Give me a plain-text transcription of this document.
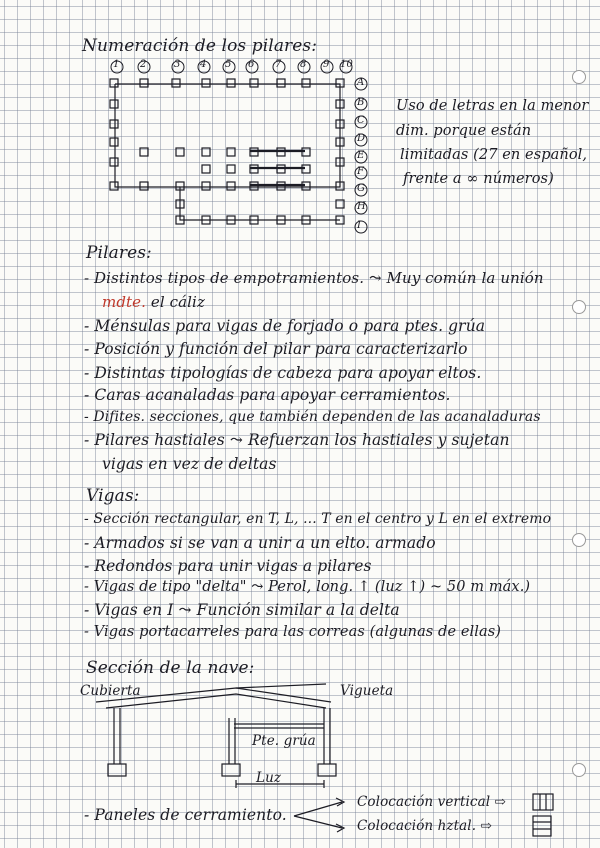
Numeración de los pilares:
1 2	3 4 5 6 7 8 9 10
A
B
C
D
E
F
G
H
I
Uso de letras en la menor
dim. porque están
limitadas (27 en español,
frente a ∞ números)
Pilares:
- Distintos tipos de empotramientos. ⤳ Muy común la unión
mdte. el cáliz
- Ménsulas para vigas de forjado o para ptes. grúa
- Posición y función del pilar para caracterizarlo
- Distintas tipologías de cabeza para apoyar eltos.
- Caras acanaladas para apoyar cerramientos.
- Difites. secciones, que también dependen de las acanaladuras
- Pilares hastiales ⤳ Refuerzan los hastiales y sujetan
vigas en vez de deltas
Vigas:
- Sección rectangular, en T, L, ... T en el centro y L en el extremo
- Armados si se van a unir a un elto. armado
- Redondos para unir vigas a pilares
- Vigas de tipo "delta" ⤳ Perol, long. ↑ (luz ↑) ~ 50 m máx.)
- Vigas en I ⤳ Función similar a la delta
- Vigas portacarreles para las correas (algunas de ellas)
Sección de la nave:
Cubierta	Vigueta
Pte. grúa
Luz
- Paneles de cerramiento.
Colocación vertical ⇨
Colocación hztal. ⇨
